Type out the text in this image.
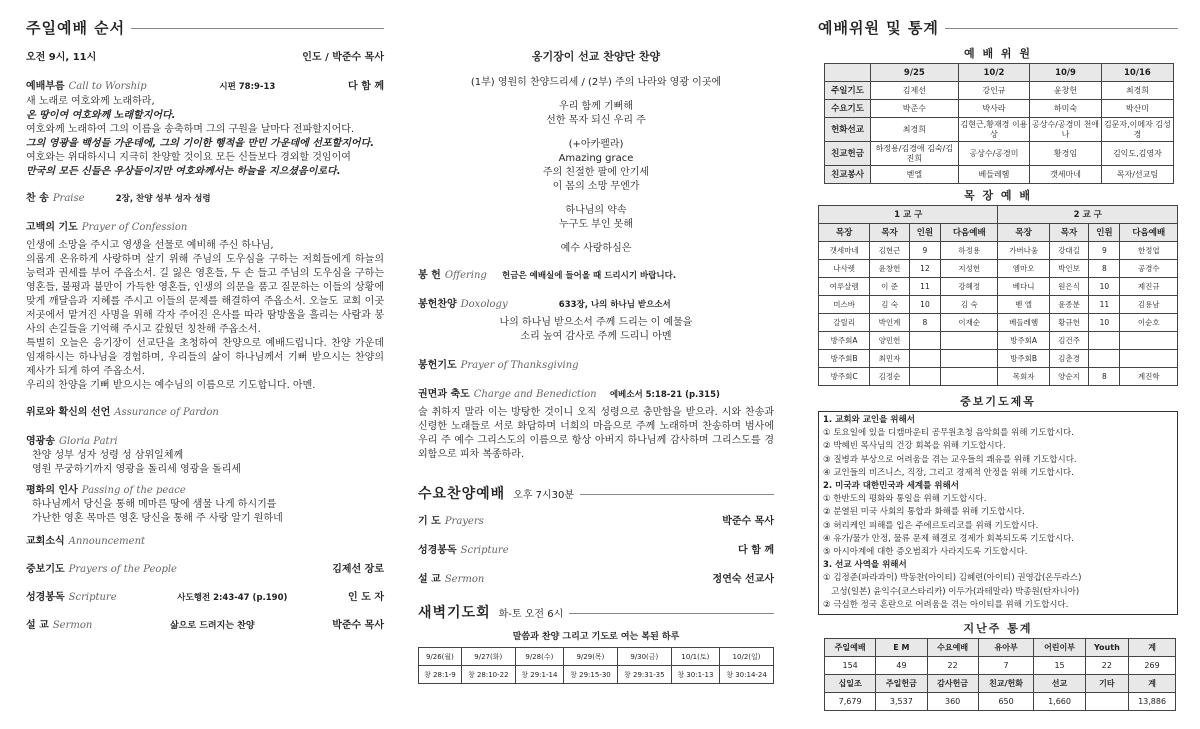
주일예배 순서
오전 9시, 11시	인도 / 박준수 목사
예배부름 Call to Worship	시편 78:9-13	다 함 께
새 노래로 여호와께 노래하라,
온 땅이여 여호와께 노래할지어다.
여호와께 노래하여 그의 이름을 송축하며 그의 구원을 날마다 전파할지어다.
그의 영광을 백성들 가운데에, 그의 기이한 행적을 만민 가운데에 선포할지어다.
여호와는 위대하시니 지극히 찬양할 것이요 모든 신들보다 경외할 것임이여
만국의 모든 신들은 우상들이지만 여호와께서는 하늘을 지으셨음이로다.
찬 송 Praise	2장, 찬양 성부 성자 성령
고백의 기도 Prayer of Confession
인생에 소망을 주시고 영생을 선물로 예비해 주신 하나님,
의롭게 온유하게 사랑하며 살기 위해 주님의 도우심을 구하는 저희들에게 하늘의 능력과 권세를 부어 주옵소서. 길 잃은 영혼들, 두 손 들고 주님의 도우심을 구하는 영혼들, 불평과 불만이 가득한 영혼들, 인생의 의문을 품고 질문하는 이들의 상황에 맞게 깨달음과 지혜를 주시고 이들의 문제를 해결하여 주옵소서. 오늘도 교회 이곳저곳에서 맡겨진 사명을 위해 각자 주어진 은사를 따라 땀방울을 흘리는 사람과 봉사의 손길들을 기억해 주시고 갚웠던 칭찬해 주옵소서.
특별히 오늘은 응기장이 선교단을 초청하여 찬양으로 예배드립니다. 찬양 가운데 임재하시는 하나님을 경험하며, 우리들의 삶이 하나님께서 기뻐 받으시는 찬양의 제사가 되게 하여 주옵소서.
우리의 찬양을 기뻐 받으시는 예수님의 이름으로 기도합니다. 아멘.
위로와 확신의 선언 Assurance of Pardon
영광송 Gloria Patri
찬양 성부 성자 성령 성 삼위일체께
영원 무궁하기까지 영광을 돌리세 영광을 돌리세
평화의 인사 Passing of the peace
하나님께서 당신을 통해 메마른 땅에 샘물 나게 하시기를
가난한 영혼 목마른 영혼 당신을 통해 주 사랑 알기 원하네
교회소식 Announcement
중보기도 Prayers of the People	김제선 장로
성경봉독 Scripture	사도행전 2:43-47 (p.190)	인 도 자
설 교 Sermon	삶으로 드려지는 찬양	박준수 목사
옹기장이 선교 찬양단 찬양
(1부) 영원히 찬양드리세 / (2부) 주의 나라와 영광 이곳에
우리 함께 기뻐해
선한 목자 되신 우리 주
(+아카펠라)
Amazing grace
주의 친절한 팔에 안기세
이 몸의 소망 무엔가
하나님의 약속
누구도 부인 못해
예수 사랑하심은
봉 헌 Offering 헌금은 예배실에 들어올 때 드리시기 바랍니다.
봉헌찬양 Doxology	633장, 나의 하나님 받으소서
나의 하나님 받으소서 주께 드리는 이 예물을
소리 높여 감사로 주께 드리니 아멘
봉헌기도 Prayer of Thanksgiving
권면과 축도 Charge and Benediction 에베소서 5:18-21 (p.315)
술 취하지 말라 이는 방탕한 것이니 오직 성령으로 충만함을 받으라. 시와 찬송과 신령한 노래들로 서로 화답하며 너희의 마음으로 주께 노래하며 찬송하며 범사에 우리 주 예수 그리스도의 이름으로 항상 아버지 하나님께 감사하며 그리스도를 경외함으로 피차 복종하라.
수요찬양예배 오후 7시30분
기 도 Prayers	박준수 목사
성경봉독 Scripture	다 함 께
설 교 Sermon	정연숙 선교사
새벽기도회 화-토 오전 6시
말씀과 찬양 그리고 기도로 여는 복된 하루
9/26(월)	9/27(화)	9/28(수)	9/29(목)	9/30(금)	10/1(토)	10/2(일)
창 28:1-9	창 28:10-22	창 29:1-14	창 29:15-30	창 29:31-35	창 30:1-13	창 30:14-24
예배위원 및 통계
예 배 위 원
	9/25	10/2	10/9	10/16
주일기도	김제선	강인규	윤창헌	최경희
수요기도	박준수	박사라	하미숙	박산미
헌화선교	최경희	김현근,황재경 이용상	공상수/공경미 천애나	김문자,이메자 김성경
친교헌금	하정용/김경애 김숙/김진희	공상수/공경미	황경임	김익도,김영자
친교봉사	벧엘	베들레헴	갯세마네	목자/선교팀
목 장 예 배
1 교 구				2 교 구			
목장	목자	인원	다음예배	목장	목자	인원	다음예배
갯세마네	김현근	9	하정용	가버나움	강대길	9	한정엽
나사렛	윤창헌	12	지성헌	엠마오	박인보	8	공경수
여루살렘	이 준	11	강혜정	베다니	원은식	10	제진규
미스바	김 숙	10	김 숙	벧 엘	윤종분	11	김용남
갈릴리	박인계	8	이재순	베들레헴	황규헌	10	이순호
방주회A	양민헌			방주회A	김건주		
방주회B	최민자			방주회B	김춘경		
방주회C	김정순			목회자	양순지	8	계진학
중보기도제목
1. 교회와 교인을 위해서
① 토요일에 있을 디캠마운티 공무원초청 음악회를 위해 기도합시다.
② 박혜빈 목사님의 건강 회복을 위해 기도합시다.
③ 질병과 부상으로 어려움을 겪는 교우들의 쾌유를 위해 기도합시다.
④ 교인들의 비즈니스, 직장, 그리고 경제적 안정을 위해 기도합시다.
2. 미국과 대한민국과 세계를 위해서
① 한반도의 평화와 통일을 위해 기도합시다.
② 분열된 미국 사회의 통합과 화해를 위해 기도합시다.
③ 허리케인 피해를 입은 주에르토리코를 위해 기도합시다.
④ 유가/물가 안정, 물류 문제 해결로 경제가 회복되도록 기도합시다.
⑤ 아시아계에 대한 증오범죄가 사라지도록 기도합시다.
3. 선교 사역을 위해서
① 김정준(파라과이) 박동찬(아이티) 김혜련(아이티) 권영갑(온두라스)
고성(일본) 윤익수(코스타리카) 이두가(과테말라) 박종원(탄자니아)
② 극심한 정국 혼란으로 어려움을 겪는 아이티를 위해 기도합시다.
지난주 통계
주일예배	E M	수요예배	유아부	어린이부	Youth	계
154	49	22	7	15	22	269
십일조	주일헌금	감사헌금	친교/헌화	선교	기타	계
7,679	3,537	360	650	1,660		13,886
